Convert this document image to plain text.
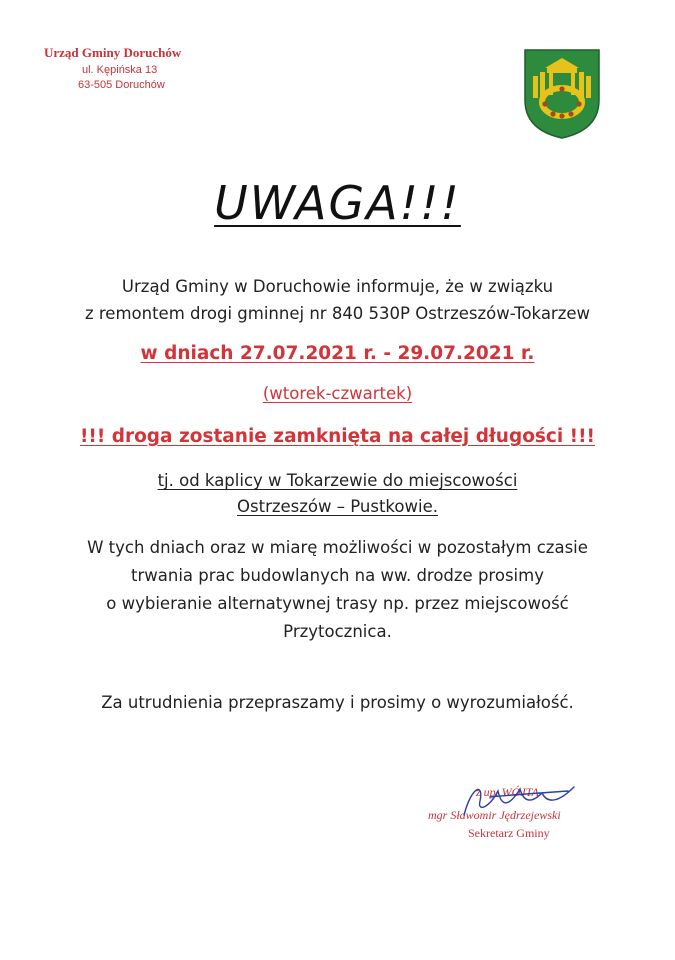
Urząd Gminy Doruchów
ul. Kępińska 13
63-505 Doruchów
UWAGA!!!
Urząd Gminy w Doruchowie informuje, że w związku
z remontem drogi gminnej nr 840 530P Ostrzeszów-Tokarzew
w dniach 27.07.2021 r. - 29.07.2021 r.
(wtorek-czwartek)
!!! droga zostanie zamknięta na całej długości !!!
tj. od kaplicy w Tokarzewie do miejscowości
Ostrzeszów – Pustkowie.
W tych dniach oraz w miarę możliwości w pozostałym czasie
trwania prac budowlanych na ww. drodze prosimy
o wybieranie alternatywnej trasy np. przez miejscowość
Przytocznica.
Za utrudnienia przepraszamy i prosimy o wyrozumiałość.
z up. WÓJTA
mgr Sławomir Jędrzejewski
Sekretarz Gminy
